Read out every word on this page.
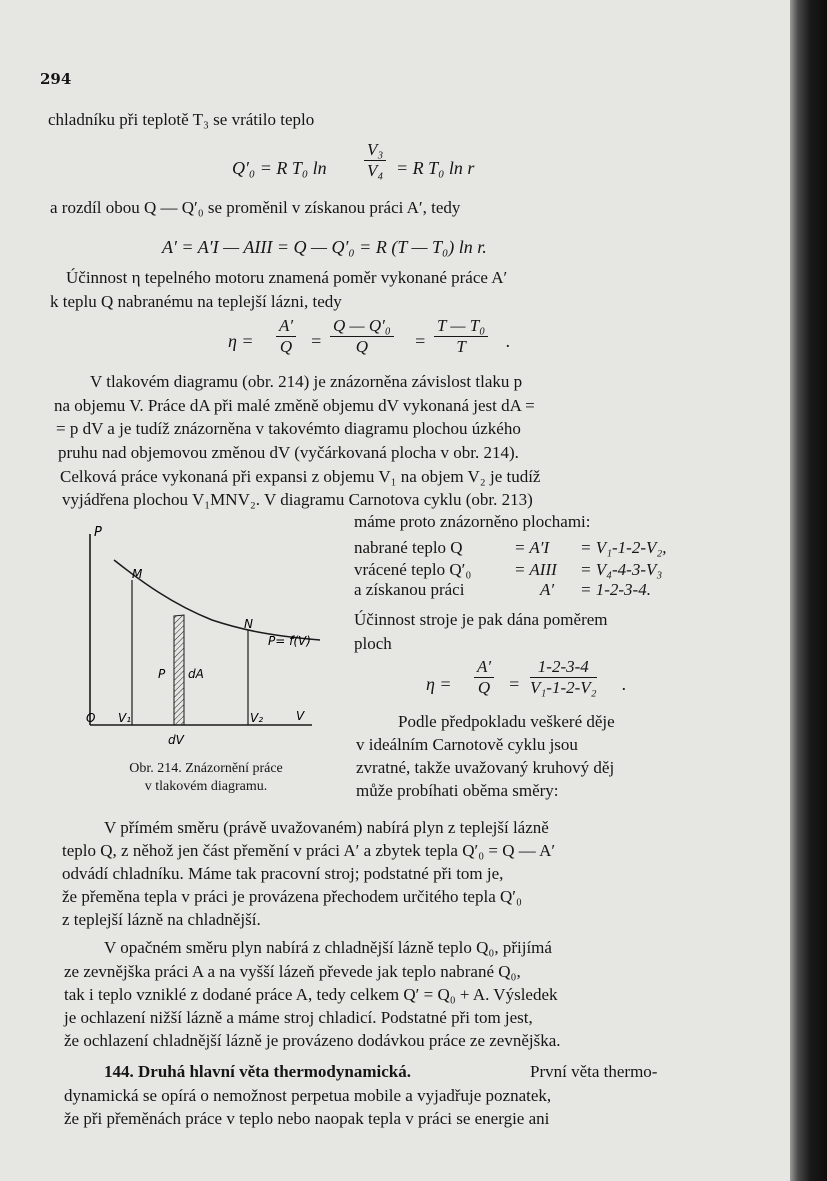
294
chladníku při teplotě T₃ se vrátilo teplo
Q′₀ = R T₀ $\ln \frac{\text{V₃}}{\text{V₄}} = R$ T₀ ln r
a rozdíl obou Q — Q′₀ se proměnil v získanou práci A′, tedy
A′ = A′I — AIII = Q — Q′₀ = R (T — T₀) ln r.
Účinnost η tepelného motoru znamená poměr vykonané práce A′
k teplu Q nabranému na teplejší lázni, tedy
$\eta = \frac{A'}{Q} = \frac{\text{Q — Q′₀}}{Q} = \frac{\text{T — T₀}}{T}$ .
V tlakovém diagramu (obr. 214) je znázorněna závislost tlaku p
na objemu V. Práce dA při malé změně objemu dV vykonaná jest dA =
= p dV a je tudíž znázorněna v takovémto diagramu plochou úzkého
pruhu nad objemovou změnou dV (vyčárkovaná plocha v obr. 214).
Celková práce vykonaná při expansi z objemu V₁ na objem V₂ je tudíž
vyjádřena plochou V₁MNV₂. V diagramu Carnotova cyklu (obr. 213)
máme proto znázorněno plochami:
nabrané teplo Q	= A′I = V₁-1-2-V₂,
vrácené teplo Q′₀	= AIII = V₄-4-3-V₃
a získanou práci	A′ = 1-2-3-4.
Účinnost stroje je pak dána poměrem
ploch
$\eta = \frac{A'}{Q} = \frac{1-2-3-4}{\text{V₁-1-2-V₂}}$ .
Podle předpokladu veškeré děje
v ideálním Carnotově cyklu jsou
zvratné, takže uvažovaný kruhový děj
může probíhati oběma směry:
P
M
N
P= f(V)
P dA
O V₁	V₂	V
dV
Obr. 214. Znázornění práce
v tlakovém diagramu.
V přímém směru (právě uvažovaném) nabírá plyn z teplejší lázně
teplo Q, z něhož jen část přemění v práci A′ a zbytek tepla Q′₀ = Q — A′
odvádí chladníku. Máme tak pracovní stroj; podstatné při tom je,
že přeměna tepla v práci je provázena přechodem určitého tepla Q′₀
z teplejší lázně na chladnější.
V opačném směru plyn nabírá z chladnější lázně teplo Q₀, přijímá
ze zevnějška práci A a na vyšší lázeň převede jak teplo nabrané Q₀,
tak i teplo vzniklé z dodané práce A, tedy celkem Q′ = Q₀ + A. Výsledek
je ochlazení nižší lázně a máme stroj chladicí. Podstatné při tom jest,
že ochlazení chladnější lázně je provázeno dodávkou práce ze zevnějška.
144. Druhá hlavní věta thermodynamická.	První věta thermo-
dynamická se opírá o nemožnost perpetua mobile a vyjadřuje poznatek,
že při přeměnách práce v teplo nebo naopak tepla v práci se energie ani
